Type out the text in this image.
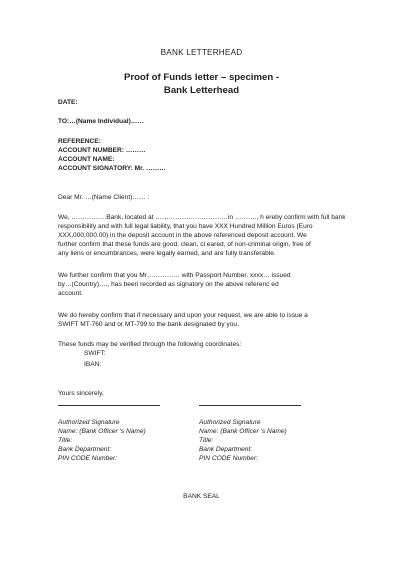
BANK LETTERHEAD
Proof of Funds letter – specimen -
Bank Letterhead
DATE:
TO:…(Name Individual)……
REFERENCE:
ACCOUNT NUMBER: ………
ACCOUNT NAME:
ACCOUNT SIGNATORY: Mr. ………
Dear Mr. …(Name Client)…… :
We, …………….Bank, located at ……………………………in ………., h ereby confirm with full bank
responsibility and with full legal liability, that you have XXX Hundred Million Euros (Euro
XXX,000,000.00) in the deposit account in the above referenced deposit account. We
further confirm that these funds are good, clean, cl eared, of non-criminal origin, free of
any liens or encumbrances, were legally earned, and are fully transferable.
We further confirm that you Mr…………… with Passport Number. xxxx… issued
by…(Country)…., has been recorded as signatory on the above referenc ed
account.
We do hereby confirm that if necessary and upon your request, we are able to issue a
SWIFT MT-760 and or MT-799 to the bank designated by you.
These funds may be verified through the following coordinates:
SWIFT:
IBAN:
Yours sincerely,
Authorized Signature
Name: (Bank Officer 's Name)
Title:
Bank Department:
PIN CODE Number:
Authorized Signature
Name: (Bank Officer 's Name)
Title:
Bank Department:
PIN CODE Number:
BANK SEAL
